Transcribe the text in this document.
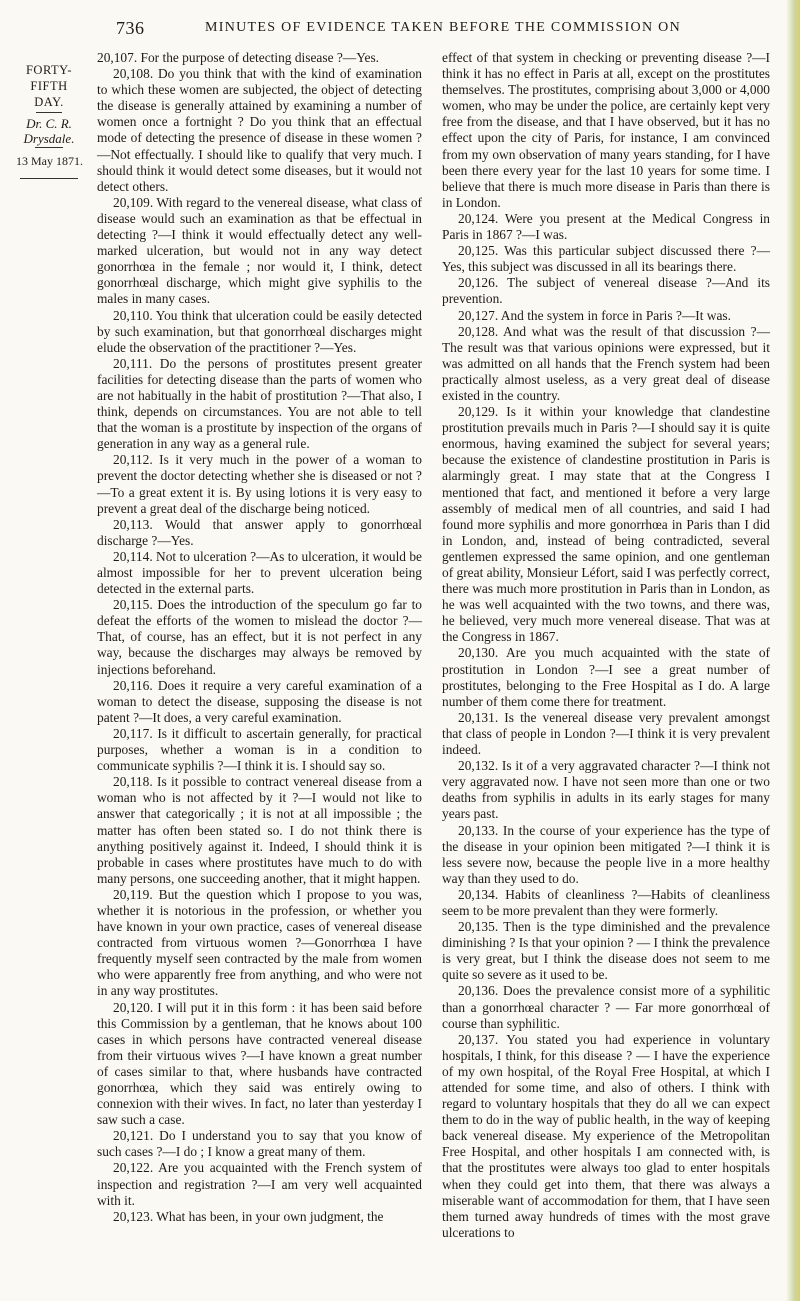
736	MINUTES OF EVIDENCE TAKEN BEFORE THE COMMISSION ON
FORTY-FIFTH DAY.
Dr. C. R. Drysdale.
13 May 1871.

20,107. For the purpose of detecting disease ?—Yes.

20,108. Do you think that with the kind of examination to which these women are subjected, the object of detecting the disease is generally attained by examining a number of women once a fortnight ? Do you think that an effectual mode of detecting the presence of disease in these women ?—Not effectually. I should like to qualify that very much. I should think it would detect some diseases, but it would not detect others.

20,109. With regard to the venereal disease, what class of disease would such an examination as that be effectual in detecting ?—I think it would effectually detect any well-marked ulceration, but would not in any way detect gonorrhœa in the female ; nor would it, I think, detect gonorrhœal discharge, which might give syphilis to the males in many cases.

20,110. You think that ulceration could be easily detected by such examination, but that gonorrhœal discharges might elude the observation of the practitioner ?—Yes.

20,111. Do the persons of prostitutes present greater facilities for detecting disease than the parts of women who are not habitually in the habit of prostitution ?—That also, I think, depends on circumstances. You are not able to tell that the woman is a prostitute by inspection of the organs of generation in any way as a general rule.

20,112. Is it very much in the power of a woman to prevent the doctor detecting whether she is diseased or not ?—To a great extent it is. By using lotions it is very easy to prevent a great deal of the discharge being noticed.

20,113. Would that answer apply to gonorrhœal discharge ?—Yes.

20,114. Not to ulceration ?—As to ulceration, it would be almost impossible for her to prevent ulceration being detected in the external parts.

20,115. Does the introduction of the speculum go far to defeat the efforts of the women to mislead the doctor ?—That, of course, has an effect, but it is not perfect in any way, because the discharges may always be removed by injections beforehand.

20,116. Does it require a very careful examination of a woman to detect the disease, supposing the disease is not patent ?—It does, a very careful examination.

20,117. Is it difficult to ascertain generally, for practical purposes, whether a woman is in a condition to communicate syphilis ?—I think it is. I should say so.

20,118. Is it possible to contract venereal disease from a woman who is not affected by it ?—I would not like to answer that categorically ; it is not at all impossible ; the matter has often been stated so. I do not think there is anything positively against it. Indeed, I should think it is probable in cases where prostitutes have much to do with many persons, one succeeding another, that it might happen.

20,119. But the question which I propose to you was, whether it is notorious in the profession, or whether you have known in your own practice, cases of venereal disease contracted from virtuous women ?—Gonorrhœa I have frequently myself seen contracted by the male from women who were apparently free from anything, and who were not in any way prostitutes.

20,120. I will put it in this form : it has been said before this Commission by a gentleman, that he knows about 100 cases in which persons have contracted venereal disease from their virtuous wives ?—I have known a great number of cases similar to that, where husbands have contracted gonorrhœa, which they said was entirely owing to connexion with their wives. In fact, no later than yesterday I saw such a case.

20,121. Do I understand you to say that you know of such cases ?—I do ; I know a great many of them.

20,122. Are you acquainted with the French system of inspection and registration ?—I am very well acquainted with it.

20,123. What has been, in your own judgment, the

effect of that system in checking or preventing disease ?—I think it has no effect in Paris at all, except on the prostitutes themselves. The prostitutes, comprising about 3,000 or 4,000 women, who may be under the police, are certainly kept very free from the disease, and that I have observed, but it has no effect upon the city of Paris, for instance, I am convinced from my own observation of many years standing, for I have been there every year for the last 10 years for some time. I believe that there is much more disease in Paris than there is in London.

20,124. Were you present at the Medical Congress in Paris in 1867 ?—I was.

20,125. Was this particular subject discussed there ?—Yes, this subject was discussed in all its bearings there.

20,126. The subject of venereal disease ?—And its prevention.

20,127. And the system in force in Paris ?—It was.

20,128. And what was the result of that discussion ?—The result was that various opinions were expressed, but it was admitted on all hands that the French system had been practically almost useless, as a very great deal of disease existed in the country.

20,129. Is it within your knowledge that clandestine prostitution prevails much in Paris ?—I should say it is quite enormous, having examined the subject for several years; because the existence of clandestine prostitution in Paris is alarmingly great. I may state that at the Congress I mentioned that fact, and mentioned it before a very large assembly of medical men of all countries, and said I had found more syphilis and more gonorrhœa in Paris than I did in London, and, instead of being contradicted, several gentlemen expressed the same opinion, and one gentleman of great ability, Monsieur Léfort, said I was perfectly correct, there was much more prostitution in Paris than in London, as he was well acquainted with the two towns, and there was, he believed, very much more venereal disease. That was at the Congress in 1867.

20,130. Are you much acquainted with the state of prostitution in London ?—I see a great number of prostitutes, belonging to the Free Hospital as I do. A large number of them come there for treatment.

20,131. Is the venereal disease very prevalent amongst that class of people in London ?—I think it is very prevalent indeed.

20,132. Is it of a very aggravated character ?—I think not very aggravated now. I have not seen more than one or two deaths from syphilis in adults in its early stages for many years past.

20,133. In the course of your experience has the type of the disease in your opinion been mitigated ?—I think it is less severe now, because the people live in a more healthy way than they used to do.

20,134. Habits of cleanliness ?—Habits of cleanliness seem to be more prevalent than they were formerly.

20,135. Then is the type diminished and the prevalence diminishing ? Is that your opinion ? — I think the prevalence is very great, but I think the disease does not seem to me quite so severe as it used to be.

20,136. Does the prevalence consist more of a syphilitic than a gonorrhœal character ? — Far more gonorrhœal of course than syphilitic.

20,137. You stated you had experience in voluntary hospitals, I think, for this disease ? — I have the experience of my own hospital, of the Royal Free Hospital, at which I attended for some time, and also of others. I think with regard to voluntary hospitals that they do all we can expect them to do in the way of public health, in the way of keeping back venereal disease. My experience of the Metropolitan Free Hospital, and other hospitals I am connected with, is that the prostitutes were always too glad to enter hospitals when they could get into them, that there was always a miserable want of accommodation for them, that I have seen them turned away hundreds of times with the most grave ulcerations to
